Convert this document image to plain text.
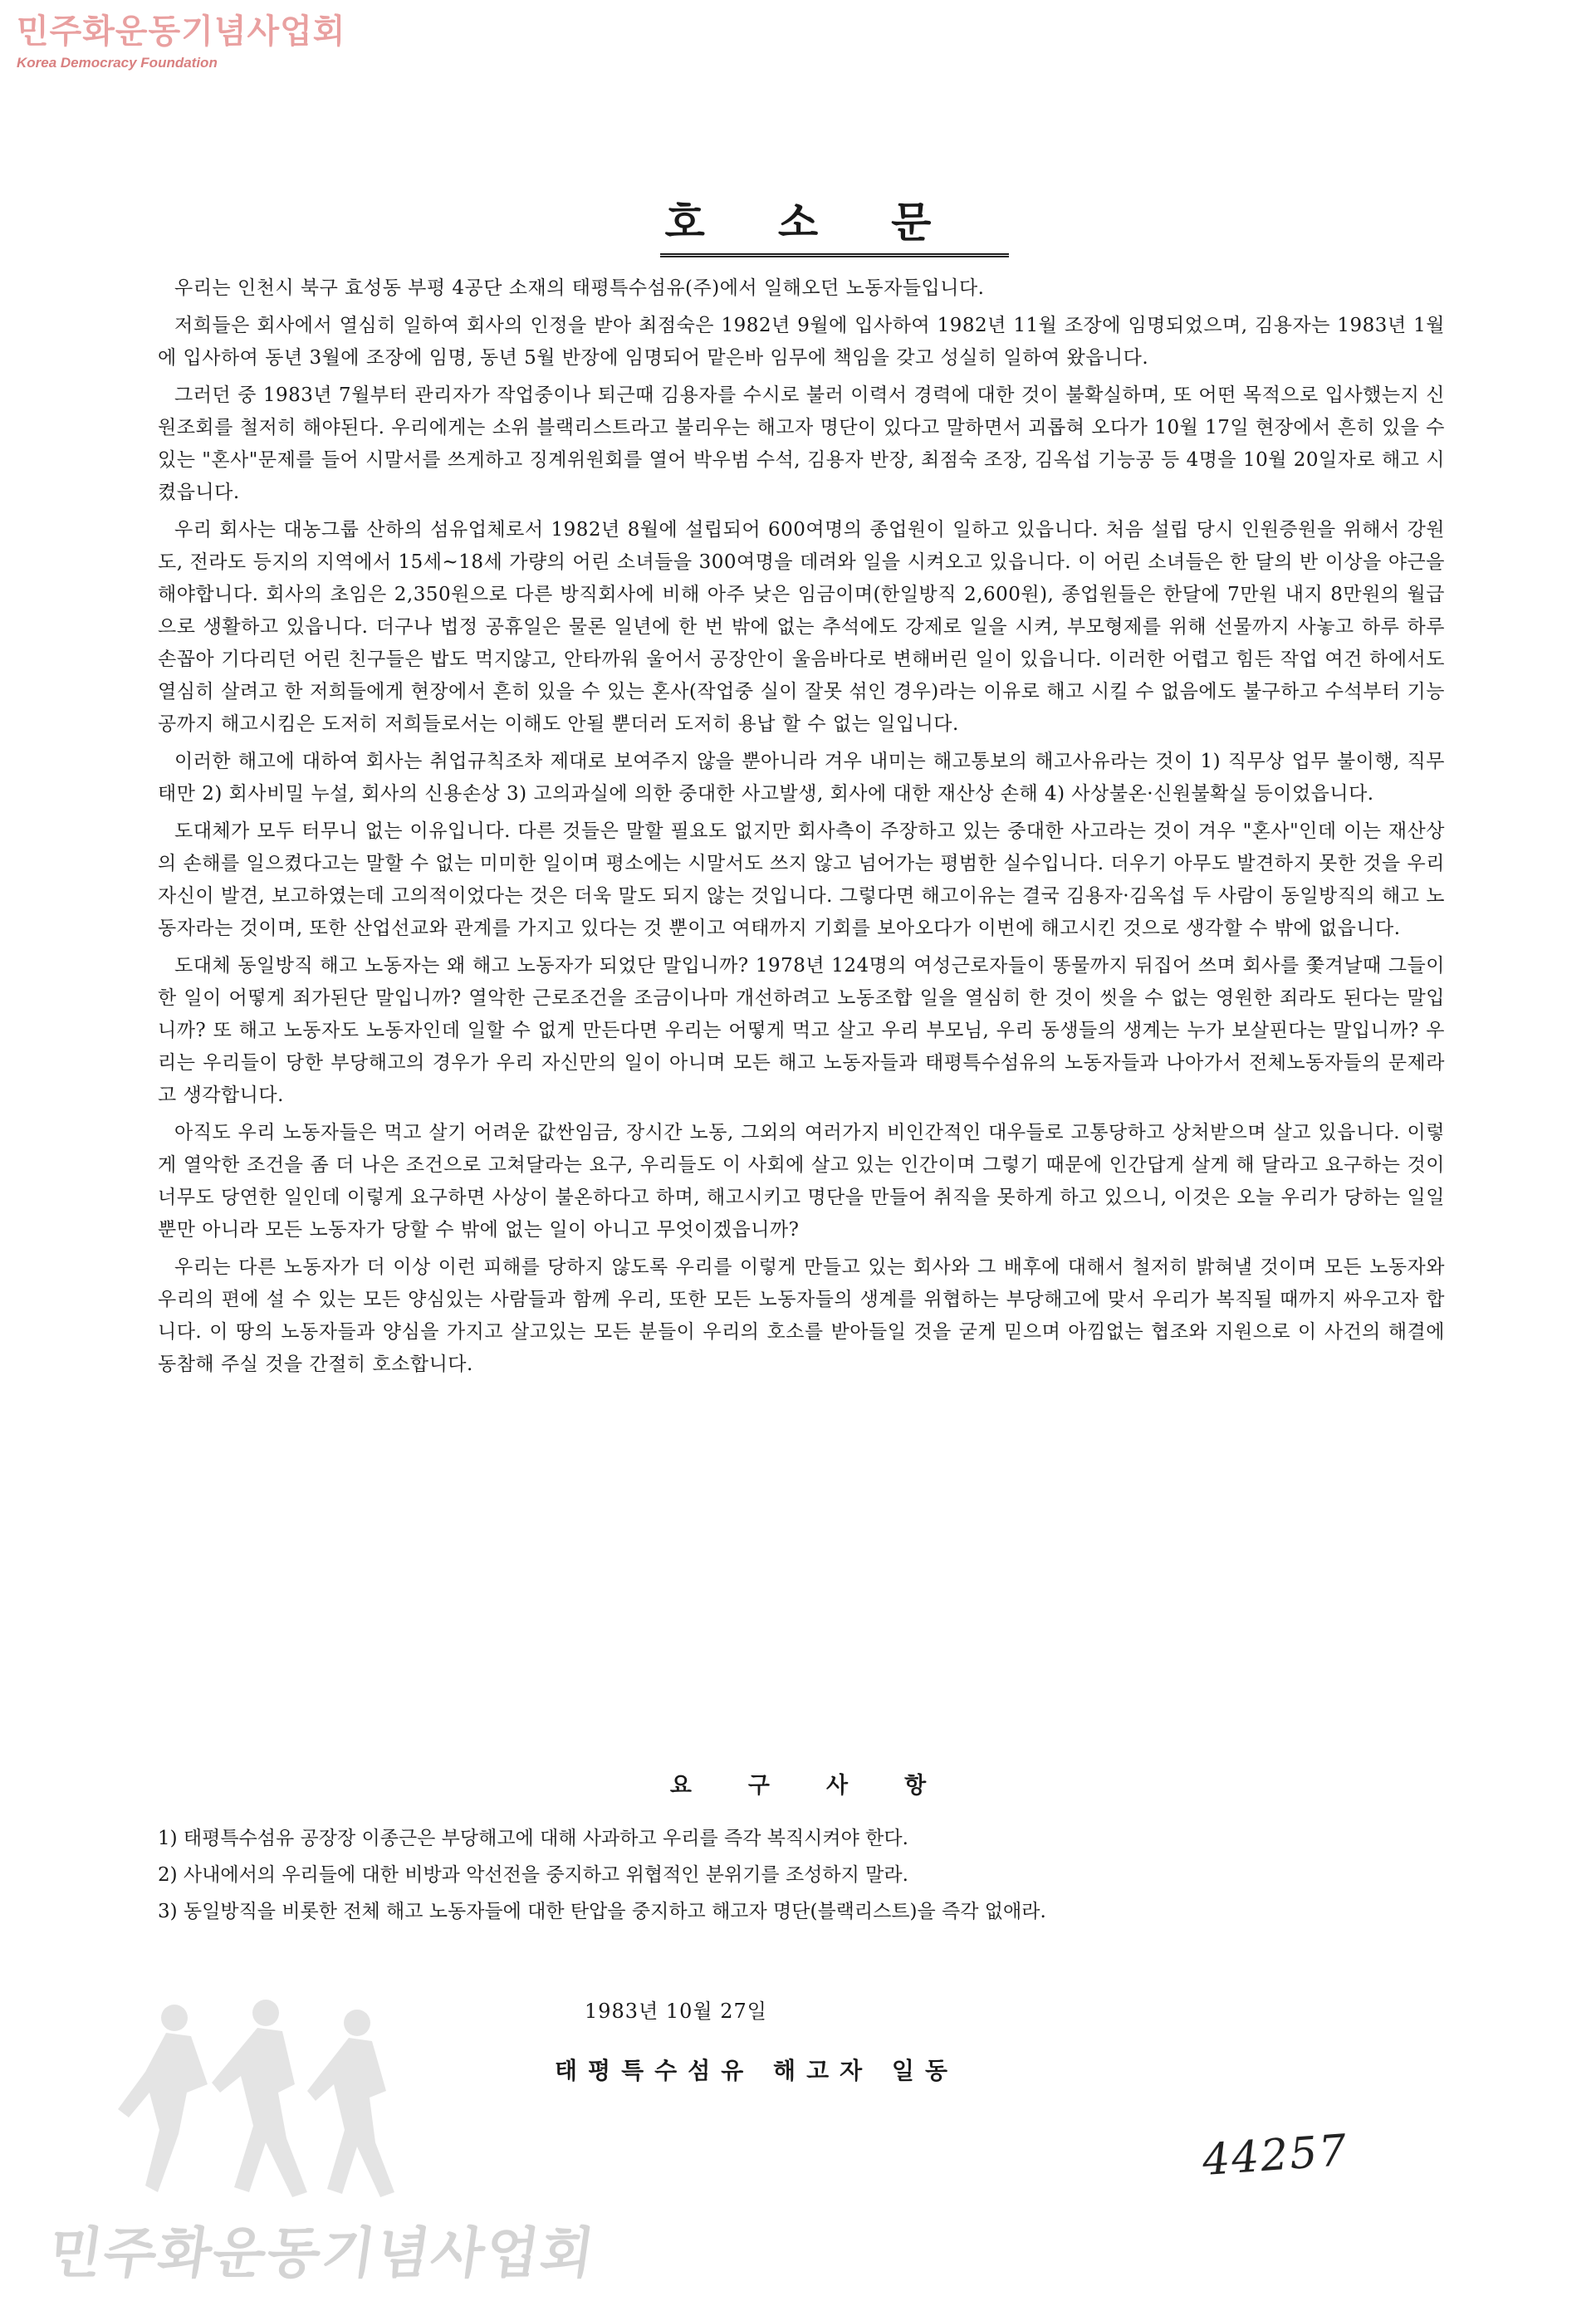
민주화운동기념사업회
Korea Democracy Foundation
호소문

우리는 인천시 북구 효성동 부평 4공단 소재의 태평특수섬유(주)에서 일해오던 노동자들입니다.

저희들은 회사에서 열심히 일하여 회사의 인정을 받아 최점숙은 1982년 9월에 입사하여 1982년 11월 조장에 임명되었으며, 김용자는 1983년 1월에 입사하여 동년 3월에 조장에 임명, 동년 5월 반장에 임명되어 맡은바 임무에 책임을 갖고 성실히 일하여 왔읍니다.

그러던 중 1983년 7월부터 관리자가 작업중이나 퇴근때 김용자를 수시로 불러 이력서 경력에 대한 것이 불확실하며, 또 어떤 목적으로 입사했는지 신원조회를 철저히 해야된다. 우리에게는 소위 블랙리스트라고 불리우는 해고자 명단이 있다고 말하면서 괴롭혀 오다가 10월 17일 현장에서 흔히 있을 수 있는 "혼사"문제를 들어 시말서를 쓰게하고 징계위원회를 열어 박우범 수석, 김용자 반장, 최점숙 조장, 김옥섭 기능공 등 4명을 10월 20일자로 해고 시켰읍니다.

우리 회사는 대농그룹 산하의 섬유업체로서 1982년 8월에 설립되어 600여명의 종업원이 일하고 있읍니다. 처음 설립 당시 인원증원을 위해서 강원도, 전라도 등지의 지역에서 15세~18세 가량의 어린 소녀들을 300여명을 데려와 일을 시켜오고 있읍니다. 이 어린 소녀들은 한 달의 반 이상을 야근을 해야합니다. 회사의 초임은 2,350원으로 다른 방직회사에 비해 아주 낮은 임금이며(한일방직 2,600원), 종업원들은 한달에 7만원 내지 8만원의 월급으로 생활하고 있읍니다. 더구나 법정 공휴일은 물론 일년에 한 번 밖에 없는 추석에도 강제로 일을 시켜, 부모형제를 위해 선물까지 사놓고 하루 하루 손꼽아 기다리던 어린 친구들은 밥도 먹지않고, 안타까워 울어서 공장안이 울음바다로 변해버린 일이 있읍니다. 이러한 어렵고 힘든 작업 여건 하에서도 열심히 살려고 한 저희들에게 현장에서 흔히 있을 수 있는 혼사(작업중 실이 잘못 섞인 경우)라는 이유로 해고 시킬 수 없음에도 불구하고 수석부터 기능공까지 해고시킴은 도저히 저희들로서는 이해도 안될 뿐더러 도저히 용납 할 수 없는 일입니다.

이러한 해고에 대하여 회사는 취업규칙조차 제대로 보여주지 않을 뿐아니라 겨우 내미는 해고통보의 해고사유라는 것이 1) 직무상 업무 불이행, 직무태만 2) 회사비밀 누설, 회사의 신용손상 3) 고의과실에 의한 중대한 사고발생, 회사에 대한 재산상 손해 4) 사상불온·신원불확실 등이었읍니다.

도대체가 모두 터무니 없는 이유입니다. 다른 것들은 말할 필요도 없지만 회사측이 주장하고 있는 중대한 사고라는 것이 겨우 "혼사"인데 이는 재산상의 손해를 일으켰다고는 말할 수 없는 미미한 일이며 평소에는 시말서도 쓰지 않고 넘어가는 평범한 실수입니다. 더우기 아무도 발견하지 못한 것을 우리 자신이 발견, 보고하였는데 고의적이었다는 것은 더욱 말도 되지 않는 것입니다. 그렇다면 해고이유는 결국 김용자·김옥섭 두 사람이 동일방직의 해고 노동자라는 것이며, 또한 산업선교와 관계를 가지고 있다는 것 뿐이고 여태까지 기회를 보아오다가 이번에 해고시킨 것으로 생각할 수 밖에 없읍니다.

도대체 동일방직 해고 노동자는 왜 해고 노동자가 되었단 말입니까? 1978년 124명의 여성근로자들이 똥물까지 뒤집어 쓰며 회사를 쫓겨날때 그들이 한 일이 어떻게 죄가된단 말입니까? 열악한 근로조건을 조금이나마 개선하려고 노동조합 일을 열심히 한 것이 씻을 수 없는 영원한 죄라도 된다는 말입니까? 또 해고 노동자도 노동자인데 일할 수 없게 만든다면 우리는 어떻게 먹고 살고 우리 부모님, 우리 동생들의 생계는 누가 보살핀다는 말입니까? 우리는 우리들이 당한 부당해고의 경우가 우리 자신만의 일이 아니며 모든 해고 노동자들과 태평특수섬유의 노동자들과 나아가서 전체노동자들의 문제라고 생각합니다.

아직도 우리 노동자들은 먹고 살기 어려운 값싼임금, 장시간 노동, 그외의 여러가지 비인간적인 대우들로 고통당하고 상처받으며 살고 있읍니다. 이렇게 열악한 조건을 좀 더 나은 조건으로 고쳐달라는 요구, 우리들도 이 사회에 살고 있는 인간이며 그렇기 때문에 인간답게 살게 해 달라고 요구하는 것이 너무도 당연한 일인데 이렇게 요구하면 사상이 불온하다고 하며, 해고시키고 명단을 만들어 취직을 못하게 하고 있으니, 이것은 오늘 우리가 당하는 일일 뿐만 아니라 모든 노동자가 당할 수 밖에 없는 일이 아니고 무엇이겠읍니까?

우리는 다른 노동자가 더 이상 이런 피해를 당하지 않도록 우리를 이렇게 만들고 있는 회사와 그 배후에 대해서 철저히 밝혀낼 것이며 모든 노동자와 우리의 편에 설 수 있는 모든 양심있는 사람들과 함께 우리, 또한 모든 노동자들의 생계를 위협하는 부당해고에 맞서 우리가 복직될 때까지 싸우고자 합니다. 이 땅의 노동자들과 양심을 가지고 살고있는 모든 분들이 우리의 호소를 받아들일 것을 굳게 믿으며 아낌없는 협조와 지원으로 이 사건의 해결에 동참해 주실 것을 간절히 호소합니다.

요구사항
1) 태평특수섬유 공장장 이종근은 부당해고에 대해 사과하고 우리를 즉각 복직시켜야 한다.
2) 사내에서의 우리들에 대한 비방과 악선전을 중지하고 위협적인 분위기를 조성하지 말라.
3) 동일방직을 비롯한 전체 해고 노동자들에 대한 탄압을 중지하고 해고자 명단(블랙리스트)을 즉각 없애라.
1983년 10월 27일
태평특수섬유 해고자 일동
민주화운동기념사업회
44257
